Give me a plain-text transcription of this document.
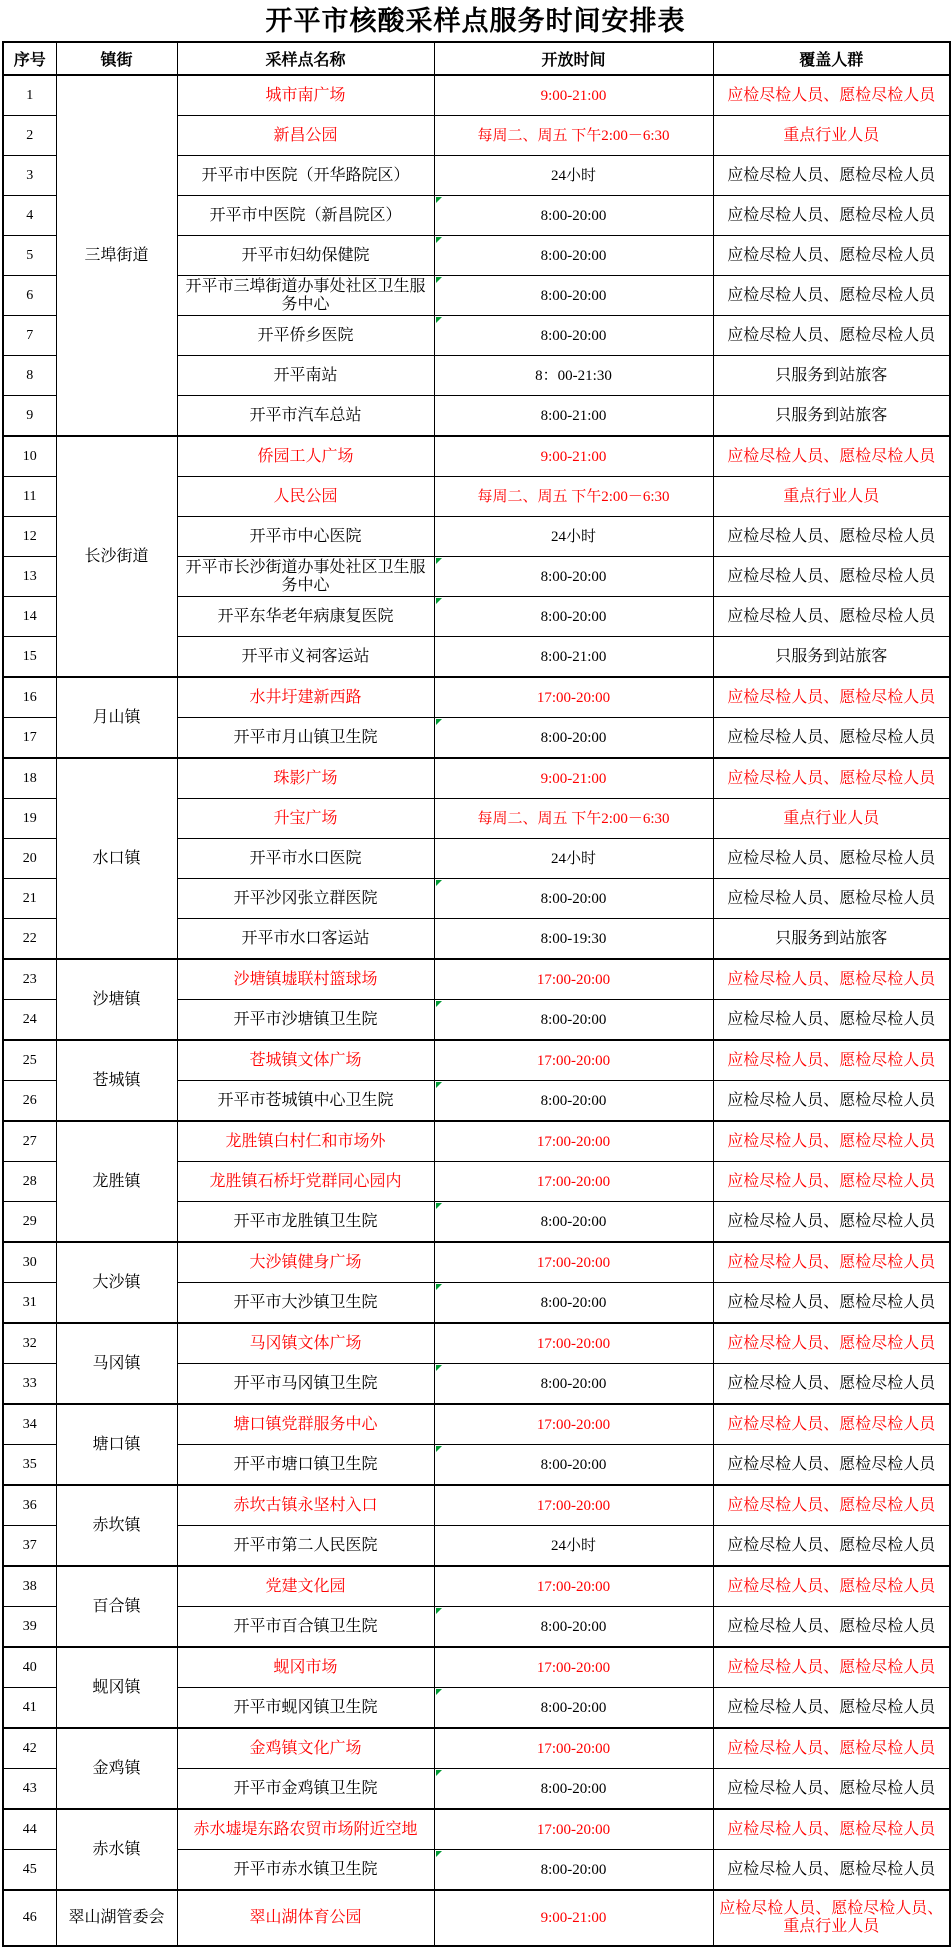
开平市核酸采样点服务时间安排表
序号	镇街	采样点名称	开放时间	覆盖人群
1	三埠街道	城市南广场	9:00-21:00	应检尽检人员、愿检尽检人员
2		新昌公园	每周二、周五 下午2:00－6:30	重点行业人员
3		开平市中医院（开华路院区）	24小时	应检尽检人员、愿检尽检人员
4		开平市中医院（新昌院区）	8:00-20:00	应检尽检人员、愿检尽检人员
5		开平市妇幼保健院	8:00-20:00	应检尽检人员、愿检尽检人员
6		开平市三埠街道办事处社区卫生服务中心	8:00-20:00	应检尽检人员、愿检尽检人员
7		开平侨乡医院	8:00-20:00	应检尽检人员、愿检尽检人员
8		开平南站	8：00-21:30	只服务到站旅客
9		开平市汽车总站	8:00-21:00	只服务到站旅客
10	长沙街道	侨园工人广场	9:00-21:00	应检尽检人员、愿检尽检人员
11		人民公园	每周二、周五 下午2:00－6:30	重点行业人员
12		开平市中心医院	24小时	应检尽检人员、愿检尽检人员
13		开平市长沙街道办事处社区卫生服务中心	8:00-20:00	应检尽检人员、愿检尽检人员
14		开平东华老年病康复医院	8:00-20:00	应检尽检人员、愿检尽检人员
15		开平市义祠客运站	8:00-21:00	只服务到站旅客
16	月山镇	水井圩建新西路	17:00-20:00	应检尽检人员、愿检尽检人员
17		开平市月山镇卫生院	8:00-20:00	应检尽检人员、愿检尽检人员
18	水口镇	珠影广场	9:00-21:00	应检尽检人员、愿检尽检人员
19		升宝广场	每周二、周五 下午2:00－6:30	重点行业人员
20		开平市水口医院	24小时	应检尽检人员、愿检尽检人员
21		开平沙冈张立群医院	8:00-20:00	应检尽检人员、愿检尽检人员
22		开平市水口客运站	8:00-19:30	只服务到站旅客
23	沙塘镇	沙塘镇墟联村篮球场	17:00-20:00	应检尽检人员、愿检尽检人员
24		开平市沙塘镇卫生院	8:00-20:00	应检尽检人员、愿检尽检人员
25	苍城镇	苍城镇文体广场	17:00-20:00	应检尽检人员、愿检尽检人员
26		开平市苍城镇中心卫生院	8:00-20:00	应检尽检人员、愿检尽检人员
27	龙胜镇	龙胜镇白村仁和市场外	17:00-20:00	应检尽检人员、愿检尽检人员
28		龙胜镇石桥圩党群同心园内	17:00-20:00	应检尽检人员、愿检尽检人员
29		开平市龙胜镇卫生院	8:00-20:00	应检尽检人员、愿检尽检人员
30	大沙镇	大沙镇健身广场	17:00-20:00	应检尽检人员、愿检尽检人员
31		开平市大沙镇卫生院	8:00-20:00	应检尽检人员、愿检尽检人员
32	马冈镇	马冈镇文体广场	17:00-20:00	应检尽检人员、愿检尽检人员
33		开平市马冈镇卫生院	8:00-20:00	应检尽检人员、愿检尽检人员
34	塘口镇	塘口镇党群服务中心	17:00-20:00	应检尽检人员、愿检尽检人员
35		开平市塘口镇卫生院	8:00-20:00	应检尽检人员、愿检尽检人员
36	赤坎镇	赤坎古镇永坚村入口	17:00-20:00	应检尽检人员、愿检尽检人员
37		开平市第二人民医院	24小时	应检尽检人员、愿检尽检人员
38	百合镇	党建文化园	17:00-20:00	应检尽检人员、愿检尽检人员
39		开平市百合镇卫生院	8:00-20:00	应检尽检人员、愿检尽检人员
40	蚬冈镇	蚬冈市场	17:00-20:00	应检尽检人员、愿检尽检人员
41		开平市蚬冈镇卫生院	8:00-20:00	应检尽检人员、愿检尽检人员
42	金鸡镇	金鸡镇文化广场	17:00-20:00	应检尽检人员、愿检尽检人员
43		开平市金鸡镇卫生院	8:00-20:00	应检尽检人员、愿检尽检人员
44	赤水镇	赤水墟堤东路农贸市场附近空地	17:00-20:00	应检尽检人员、愿检尽检人员
45		开平市赤水镇卫生院	8:00-20:00	应检尽检人员、愿检尽检人员
46	翠山湖管委会	翠山湖体育公园	9:00-21:00	应检尽检人员、愿检尽检人员、重点行业人员
